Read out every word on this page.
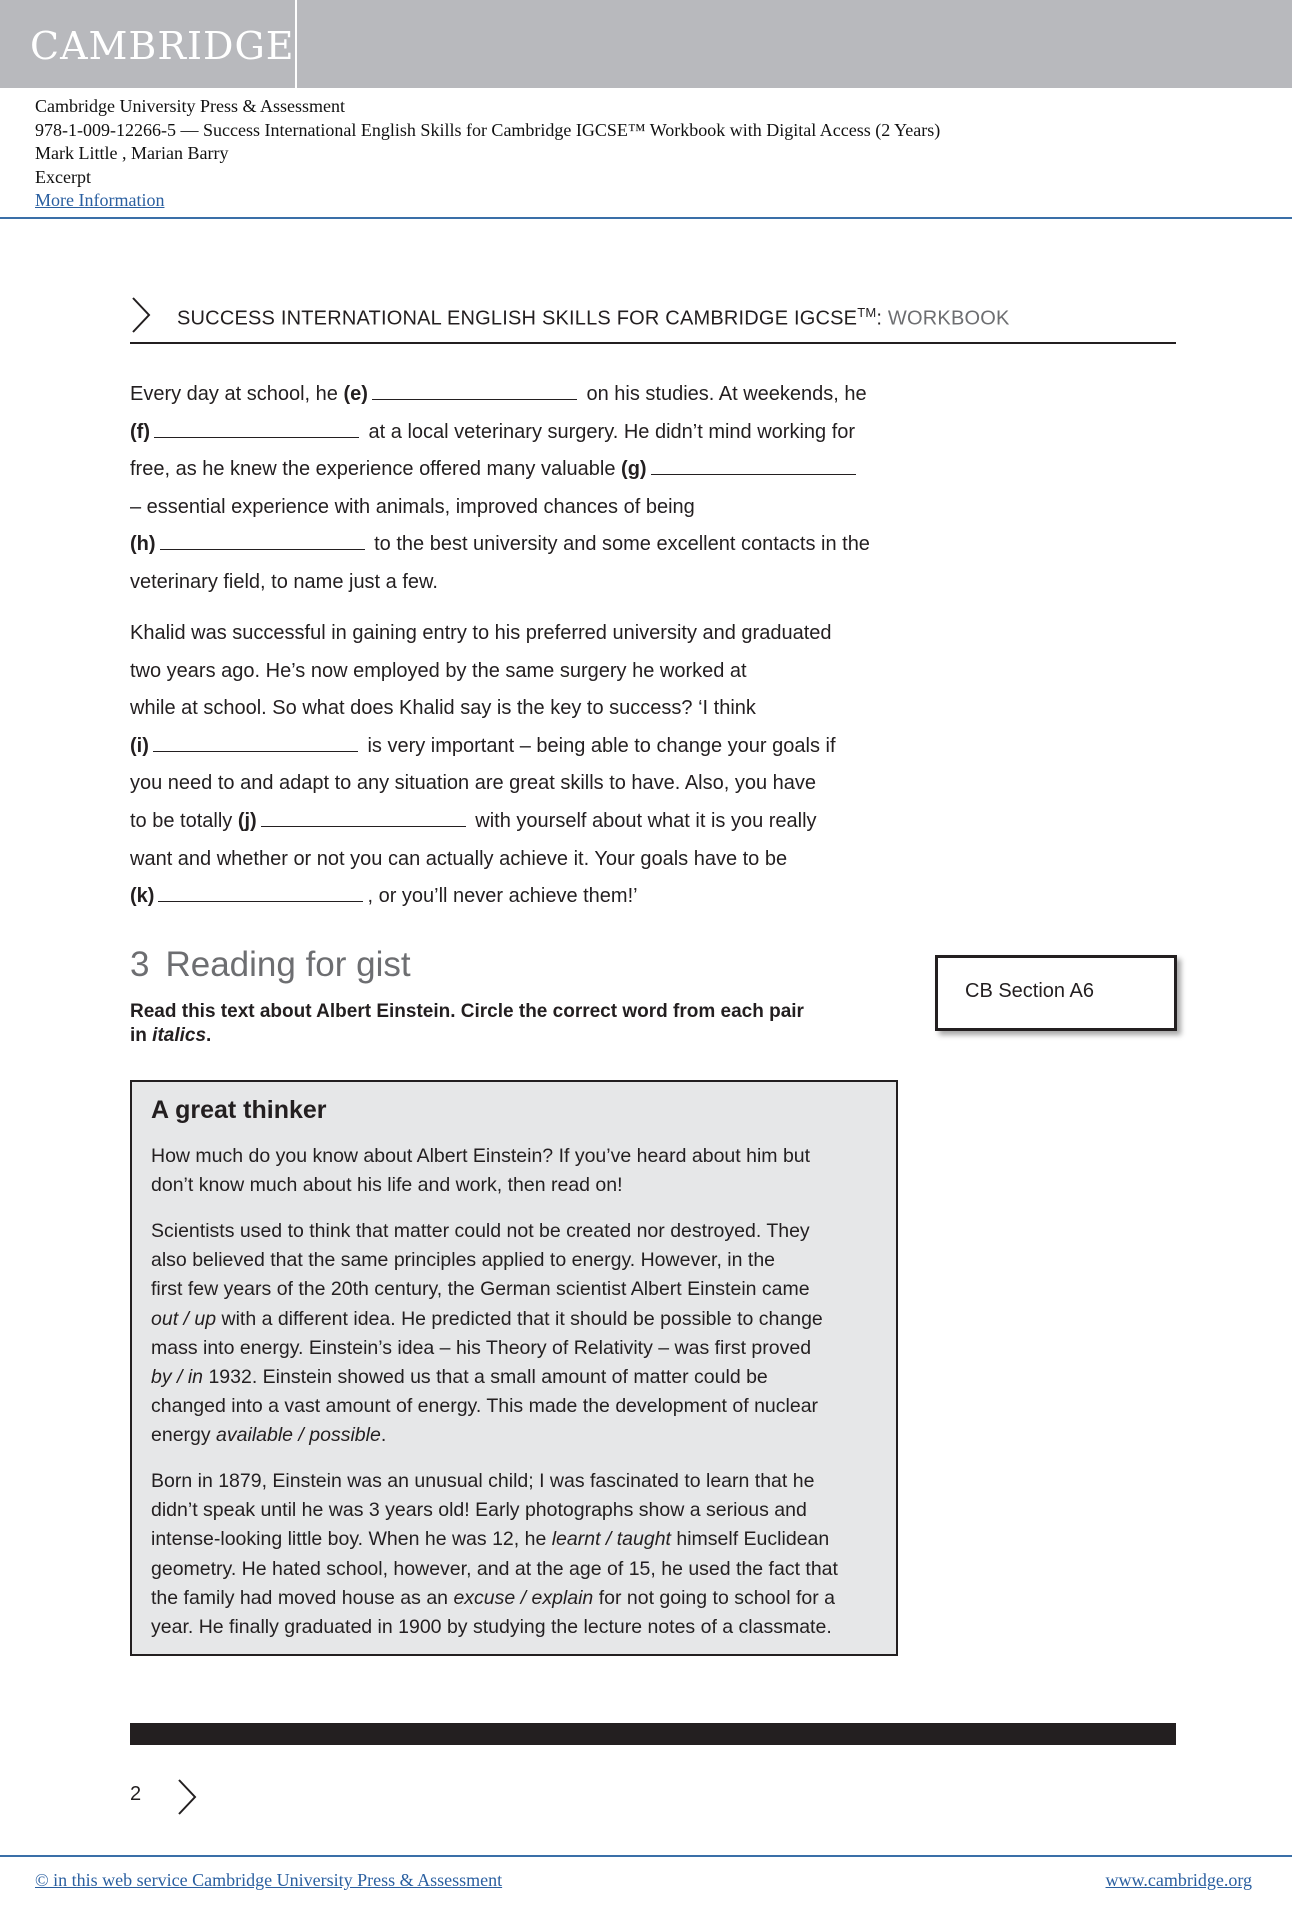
CAMBRIDGE
Cambridge University Press & Assessment
978-1-009-12266-5 — Success International English Skills for Cambridge IGCSE™ Workbook with Digital Access (2 Years)
Mark Little , Marian Barry
Excerpt
More Information
SUCCESS INTERNATIONAL ENGLISH SKILLS FOR CAMBRIDGE IGCSE™: WORKBOOK
Every day at school, he (e)	on his studies. At weekends, he
(f)	at a local veterinary surgery. He didn’t mind working for
free, as he knew the experience offered many valuable (g)
– essential experience with animals, improved chances of being
(h)	to the best university and some excellent contacts in the
veterinary field, to name just a few.
Khalid was successful in gaining entry to his preferred university and graduated
two years ago. He’s now employed by the same surgery he worked at
while at school. So what does Khalid say is the key to success? ‘I think
(i)	is very important – being able to change your goals if
you need to and adapt to any situation are great skills to have. Also, you have
to be totally (j)	with yourself about what it is you really
want and whether or not you can actually achieve it. Your goals have to be
(k)	, or you’ll never achieve them!’
3 Reading for gist
Read this text about Albert Einstein. Circle the correct word from each pair
in italics.
CB Section A6
A great thinker
How much do you know about Albert Einstein? If you’ve heard about him but
don’t know much about his life and work, then read on!
Scientists used to think that matter could not be created nor destroyed. They
also believed that the same principles applied to energy. However, in the
first few years of the 20th century, the German scientist Albert Einstein came
out / up with a different idea. He predicted that it should be possible to change
mass into energy. Einstein’s idea – his Theory of Relativity – was first proved
by / in 1932. Einstein showed us that a small amount of matter could be
changed into a vast amount of energy. This made the development of nuclear
energy available / possible.
Born in 1879, Einstein was an unusual child; I was fascinated to learn that he
didn’t speak until he was 3 years old! Early photographs show a serious and
intense-looking little boy. When he was 12, he learnt / taught himself Euclidean
geometry. He hated school, however, and at the age of 15, he used the fact that
the family had moved house as an excuse / explain for not going to school for a
year. He finally graduated in 1900 by studying the lecture notes of a classmate.
2
© in this web service Cambridge University Press & Assessment	www.cambridge.org
